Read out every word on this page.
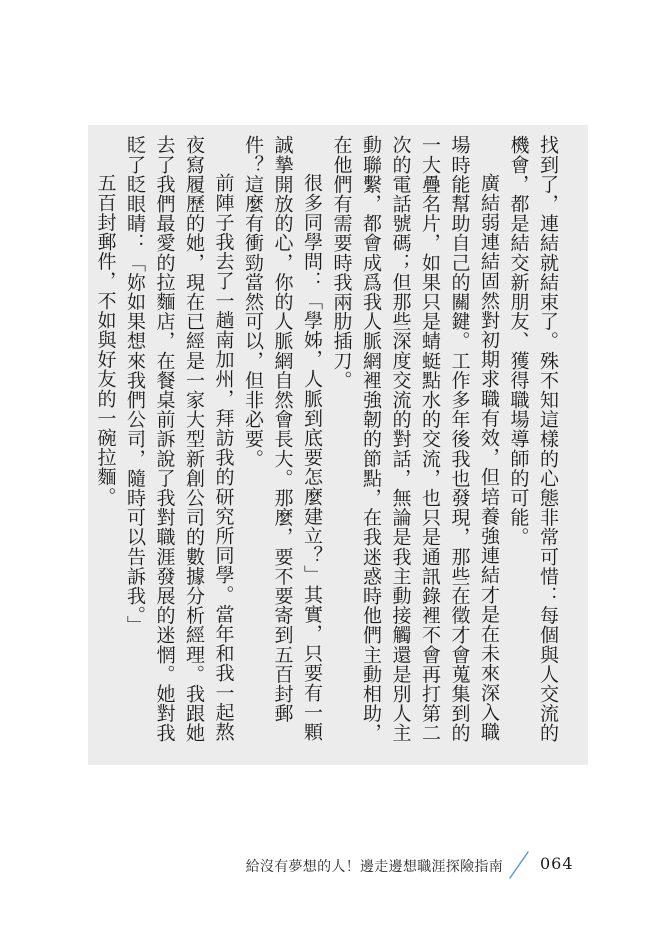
找到了，連結就結束了。殊不知這樣的心態非常可惜：每個與人交流的機會，都是結交新朋友、獲得職場導師的可能。

廣結弱連結固然對初期求職有效，但培養強連結才是在未來深入職場時能幫助自己的關鍵。工作多年後我也發現，那些在徵才會蒐集到的一大疊名片，如果只是蜻蜓點水的交流，也只是通訊錄裡不會再打第二次的電話號碼；但那些深度交流的對話，無論是我主動接觸還是別人主動聯繫，都會成爲我人脈網裡強韌的節點，在我迷惑時他們主動相助，在他們有需要時我兩肋插刀。

很多同學問：「學姊，人脈到底要怎麼建立？」其實，只要有一顆誠摯開放的心，你的人脈網自然會長大。那麼，要不要寄到五百封郵件？這麼有衝勁當然可以，但非必要。

前陣子我去了一趟南加州，拜訪我的研究所同學。當年和我一起熬夜寫履歷的她，現在已經是一家大型新創公司的數據分析經理。我跟她去了我們最愛的拉麵店，在餐桌前訴說了我對職涯發展的迷惘。她對我眨了眨眼睛：「妳如果想來我們公司，隨時可以告訴我。」

五百封郵件，不如與好友的一碗拉麵。

給沒有夢想的人！邊走邊想職涯探險指南 064
